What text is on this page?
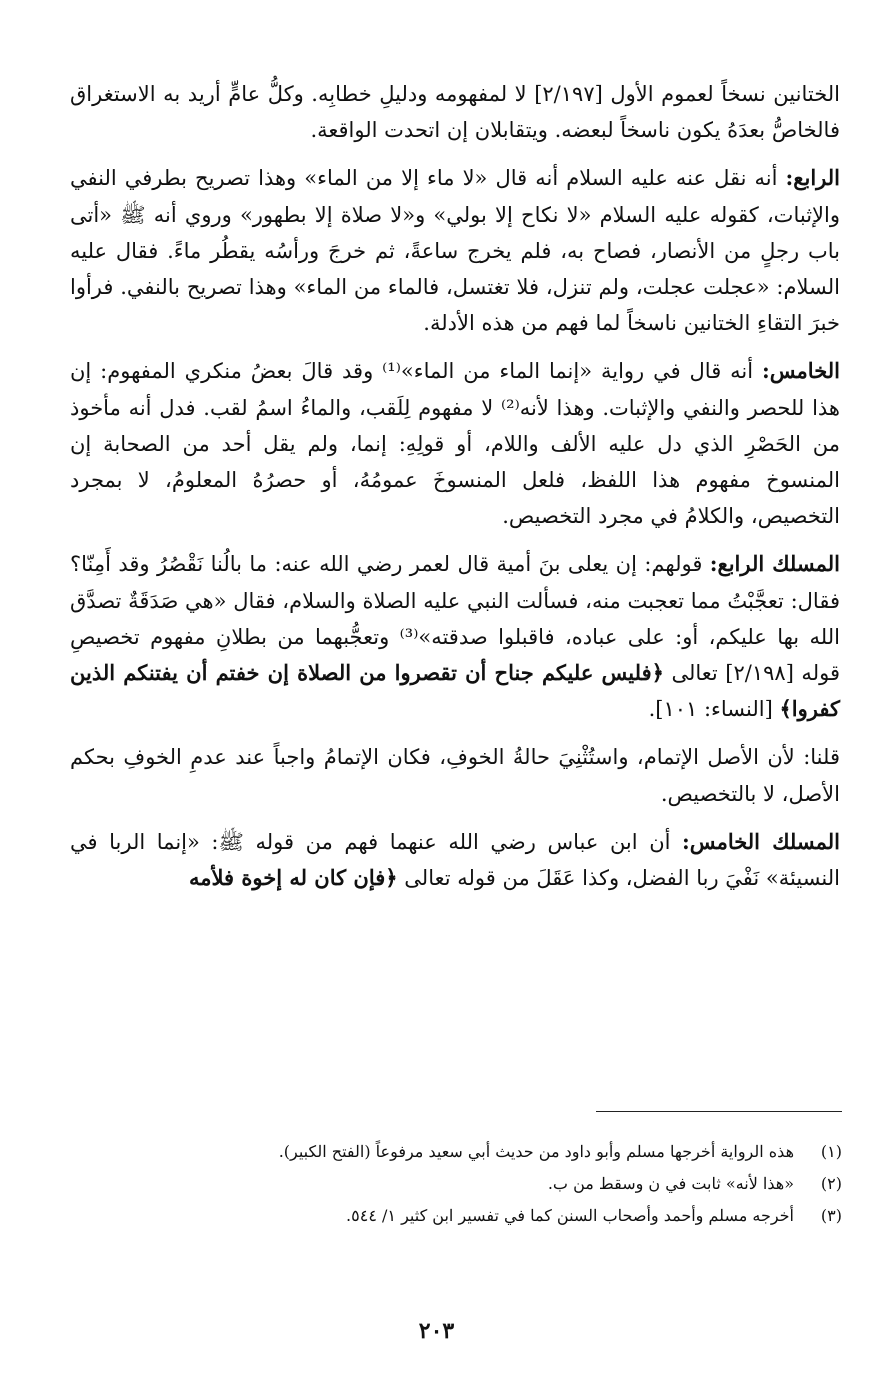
الختانين نسخاً لعموم الأول [٢/١٩٧] لا لمفهومه ودليلِ خطابِه. وكلُّ عامٍّ أريد به الاستغراق فالخاصُّ بعدَهُ يكون ناسخاً لبعضه. ويتقابلان إن اتحدت الواقعة.

الرابع: أنه نقل عنه عليه السلام أنه قال «لا ماء إلا من الماء» وهذا تصريح بطرفي النفي والإثبات، كقوله عليه السلام «لا نكاح إلا بولي» و«لا صلاة إلا بطهور» وروي أنه ﷺ «أتى باب رجلٍ من الأنصار، فصاح به، فلم يخرج ساعةً، ثم خرجَ ورأسُه يقطُر ماءً. فقال عليه السلام: «عجلت عجلت، ولم تنزل، فلا تغتسل، فالماء من الماء» وهذا تصريح بالنفي. فرأوا خبرَ التقاءِ الختانين ناسخاً لما فهم من هذه الأدلة.

الخامس: أنه قال في رواية «إنما الماء من الماء»⁽¹⁾ وقد قالَ بعضُ منكري المفهوم: إن هذا للحصر والنفي والإثبات. وهذا لأنه⁽²⁾ لا مفهوم لِلَقب، والماءُ اسمُ لقب. فدل أنه مأخوذ من الحَصْرِ الذي دل عليه الألف واللام، أو قولِهِ: إنما، ولم يقل أحد من الصحابة إن المنسوخ مفهوم هذا اللفظ، فلعل المنسوخَ عمومُهُ، أو حصرُهُ المعلومُ، لا بمجرد التخصيص، والكلامُ في مجرد التخصيص.

المسلك الرابع: قولهم: إن يعلى بنَ أمية قال لعمر رضي الله عنه: ما بالُنا نَقْصُرُ وقد أَمِنّا؟ فقال: تعجَّبْتُ مما تعجبت منه، فسألت النبي عليه الصلاة والسلام، فقال «هي صَدَقَةٌ تصدَّق الله بها عليكم، أو: على عباده، فاقبلوا صدقته»⁽³⁾ وتعجُّبهما من بطلانِ مفهوم تخصيصِ قوله [٢/١٩٨] تعالى ﴿فليس عليكم جناح أن تقصروا من الصلاة إن خفتم أن يفتنكم الذين كفروا﴾ [النساء: ١٠١].

قلنا: لأن الأصل الإتمام، واستُثْنِيَ حالةُ الخوفِ، فكان الإتمامُ واجباً عند عدمِ الخوفِ بحكم الأصل، لا بالتخصيص.

المسلك الخامس: أن ابن عباس رضي الله عنهما فهم من قوله ﷺ: «إنما الربا في النسيئة» نَفْيَ ربا الفضل، وكذا عَقَلَ من قوله تعالى ﴿فإن كان له إخوة فلأمه

(١)هذه الرواية أخرجها مسلم وأبو داود من حديث أبي سعيد مرفوعاً (الفتح الكبير).

(٢)«هذا لأنه» ثابت في ن وسقط من ب.

(٣)أخرجه مسلم وأحمد وأصحاب السنن كما في تفسير ابن كثير ١/ ٥٤٤.

٢٠٣
